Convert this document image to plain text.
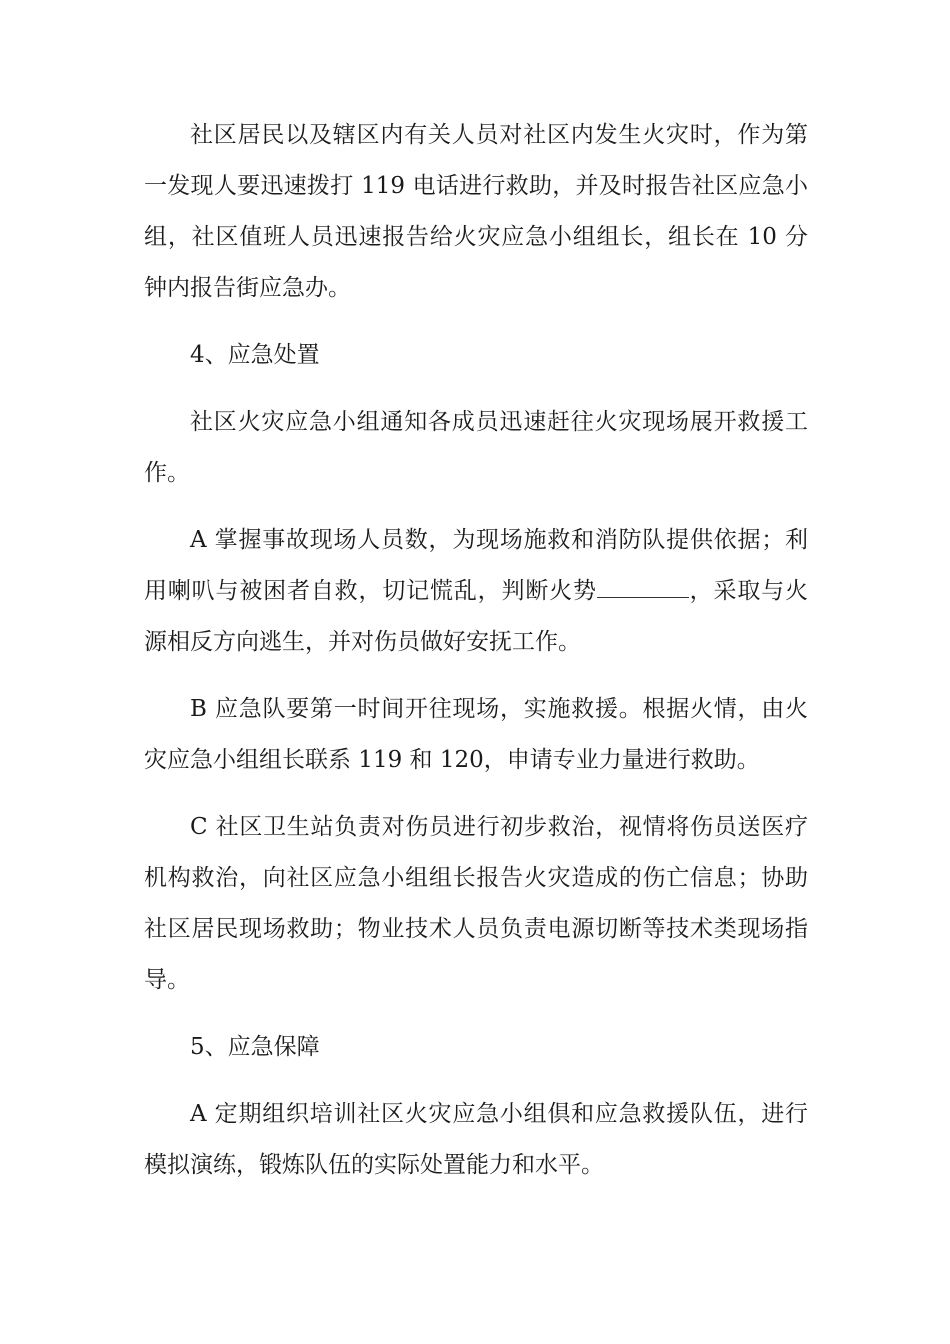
社区居民以及辖区内有关人员对社区内发生火灾时，作为第一发现人要迅速拨打 119 电话进行救助，并及时报告社区应急小组，社区值班人员迅速报告给火灾应急小组组长，组长在 10 分钟内报告街应急办。

4、应急处置

社区火灾应急小组通知各成员迅速赶往火灾现场展开救援工作。

A 掌握事故现场人员数，为现场施救和消防队提供依据；利用喇叭与被困者自救，切记慌乱，判断火势	，采取与火源相反方向逃生，并对伤员做好安抚工作。

B 应急队要第一时间开往现场，实施救援。根据火情，由火灾应急小组组长联系 119 和 120，申请专业力量进行救助。

C 社区卫生站负责对伤员进行初步救治，视情将伤员送医疗机构救治，向社区应急小组组长报告火灾造成的伤亡信息；协助社区居民现场救助；物业技术人员负责电源切断等技术类现场指导。

5、应急保障

A 定期组织培训社区火灾应急小组倶和应急救援队伍，进行模拟演练，锻炼队伍的实际处置能力和水平。
